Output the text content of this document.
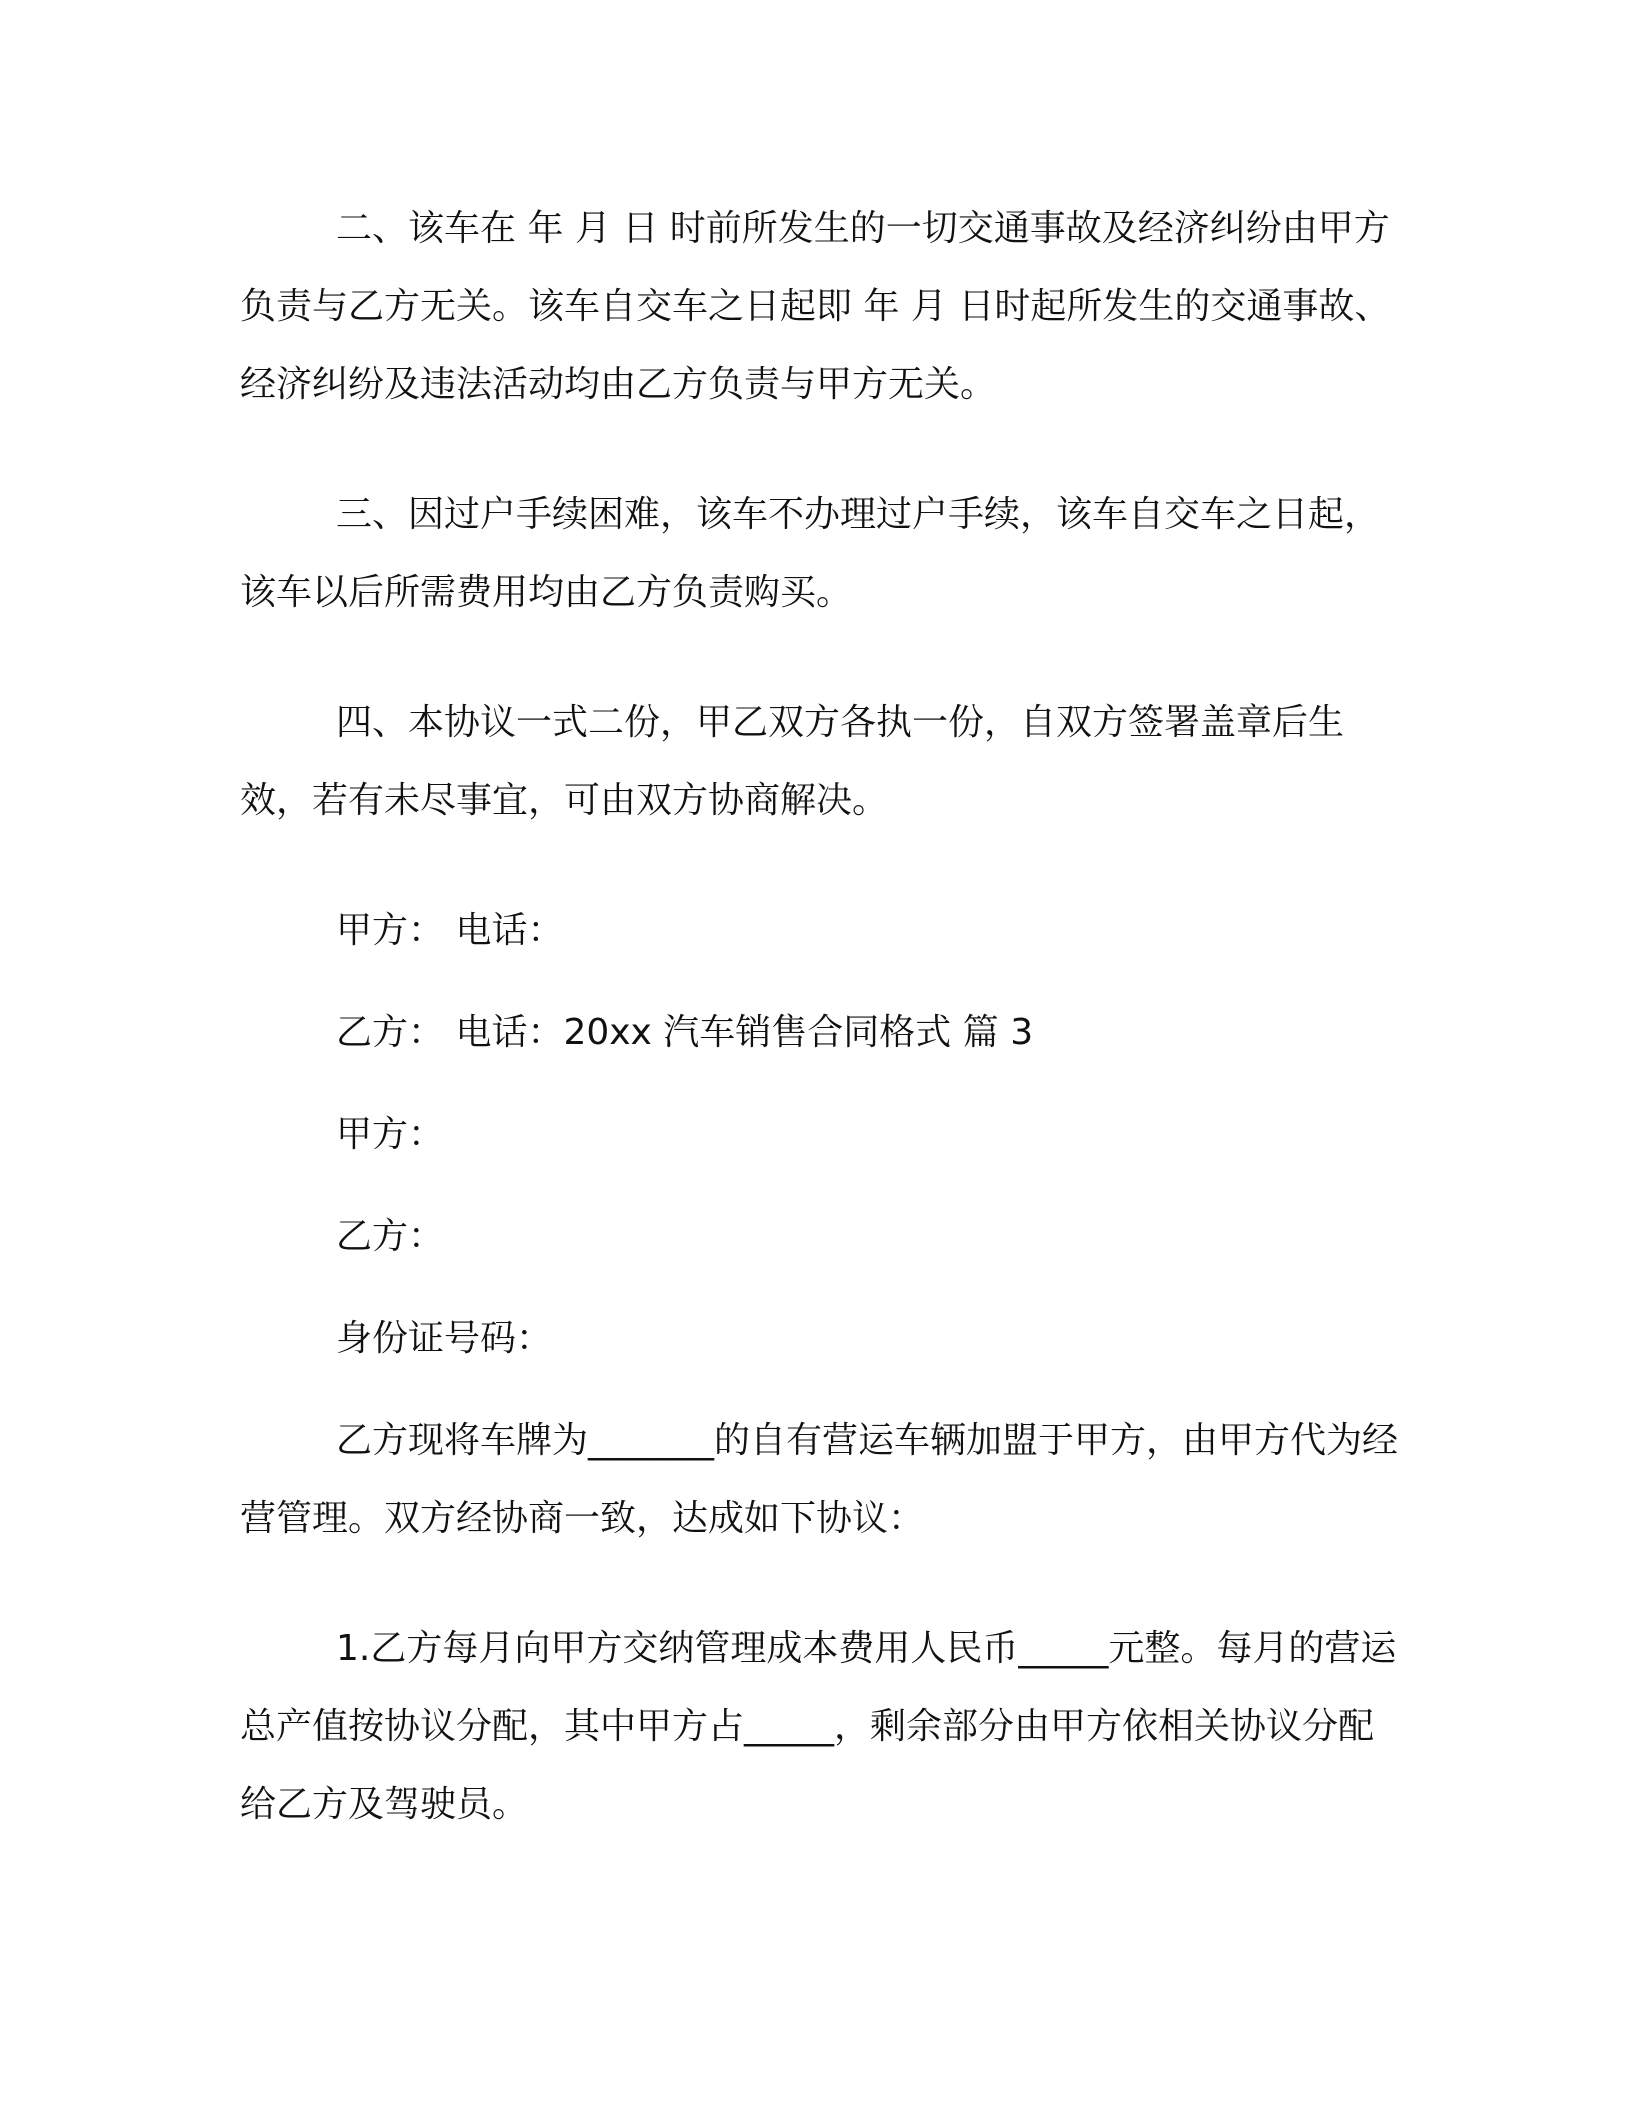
二、该车在 年 月 日 时前所发生的一切交通事故及经济纠纷由甲方负责与乙方无关。该车自交车之日起即 年 月 日时起所发生的交通事故、经济纠纷及违法活动均由乙方负责与甲方无关。

三、因过户手续困难，该车不办理过户手续，该车自交车之日起，该车以后所需费用均由乙方负责购买。

四、本协议一式二份，甲乙双方各执一份，自双方签署盖章后生效，若有未尽事宜，可由双方协商解决。

甲方： 电话：

乙方： 电话：20xx 汽车销售合同格式 篇 3

甲方：

乙方：

身份证号码：

乙方现将车牌为_______的自有营运车辆加盟于甲方，由甲方代为经营管理。双方经协商一致，达成如下协议：

1.乙方每月向甲方交纳管理成本费用人民币_____元整。每月的营运总产值按协议分配，其中甲方占_____，剩余部分由甲方依相关协议分配给乙方及驾驶员。
